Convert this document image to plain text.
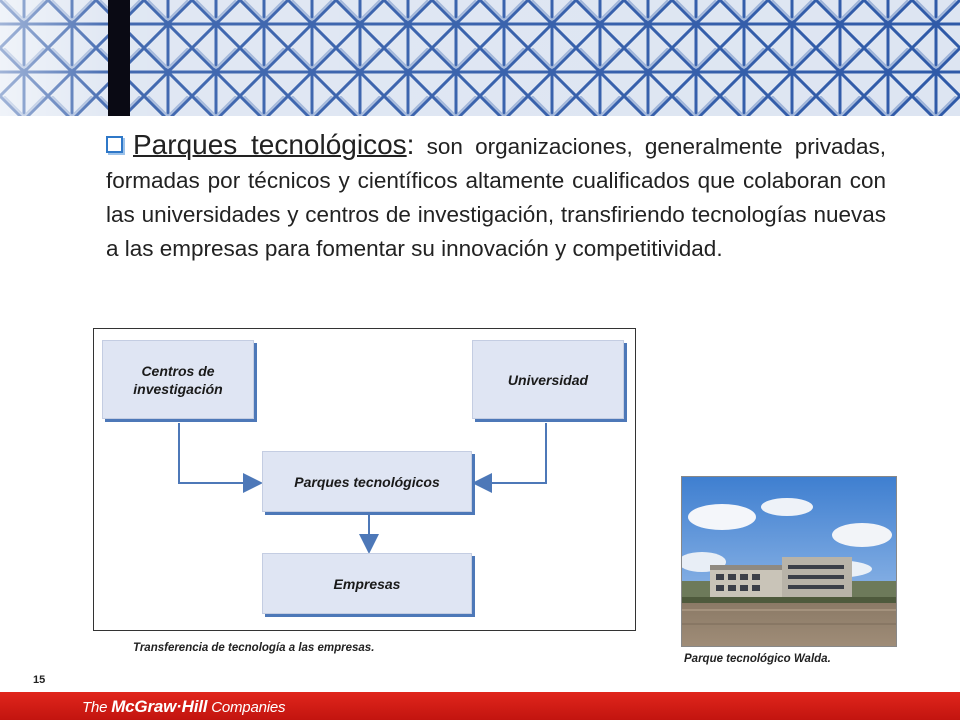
Parques tecnológicos: son organizaciones, generalmente privadas, formadas por técnicos y científicos altamente cualificados que colaboran con las universidades y centros de investigación, transfiriendo tecnologías nuevas a las empresas para fomentar su innovación y competitividad.
Centros de investigación
Universidad
Parques tecnológicos
Empresas
Transferencia de tecnología a las empresas.
Parque tecnológico Walda.
15
The McGraw·Hill Companies
